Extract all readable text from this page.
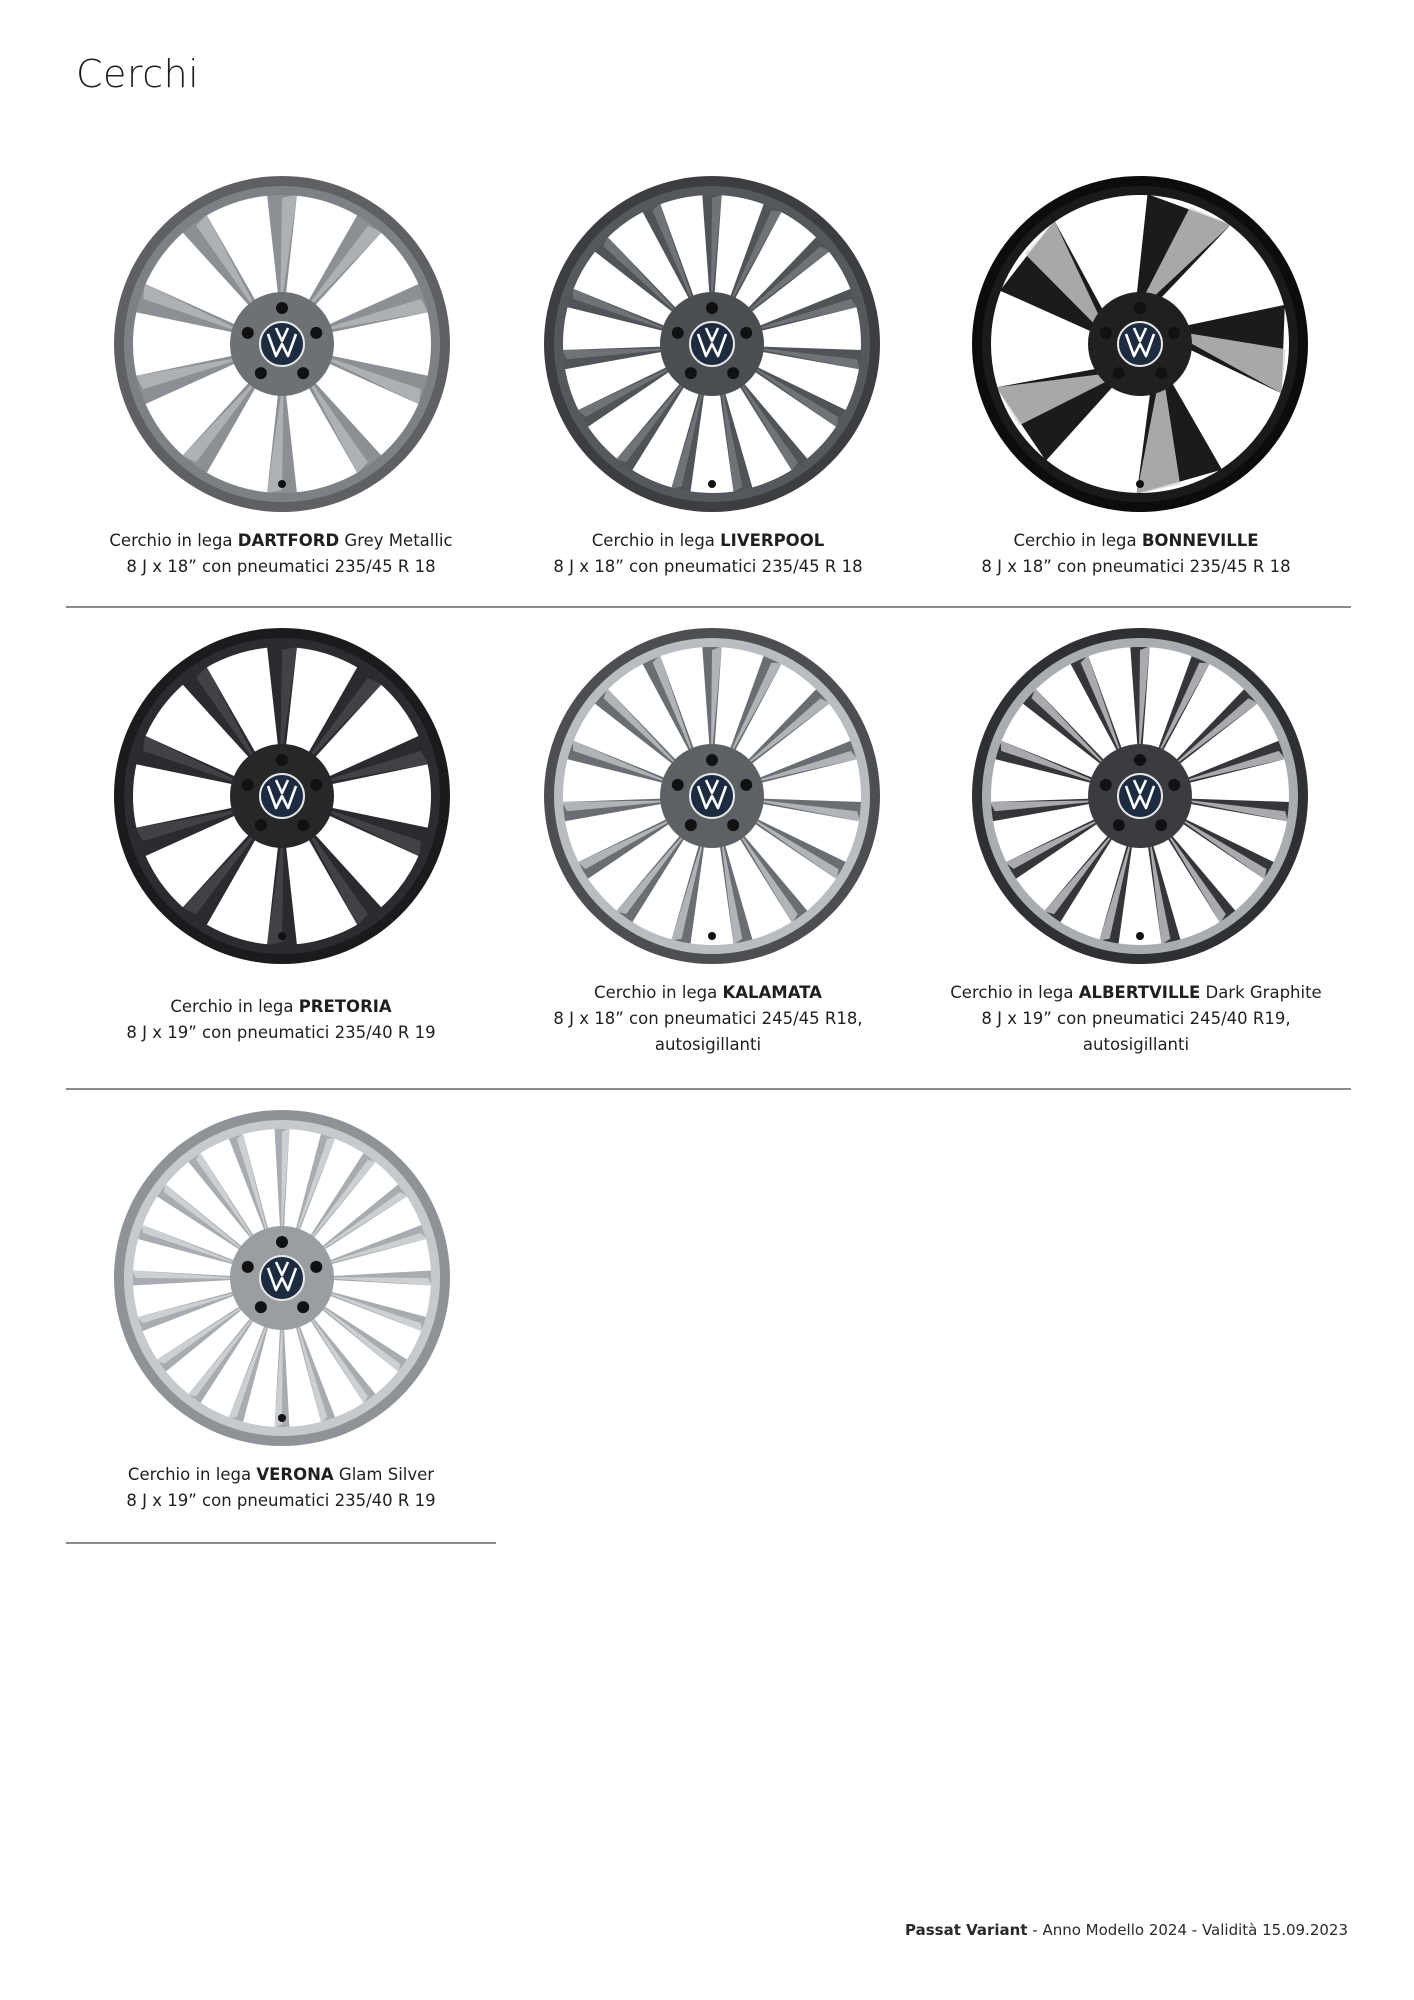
Cerchi
Cerchio in lega DARTFORD Grey Metallic
8 J x 18” con pneumatici 235/45 R 18
Cerchio in lega LIVERPOOL
8 J x 18” con pneumatici 235/45 R 18
Cerchio in lega BONNEVILLE
8 J x 18” con pneumatici 235/45 R 18
Cerchio in lega PRETORIA
8 J x 19” con pneumatici 235/40 R 19
Cerchio in lega KALAMATA
8 J x 18” con pneumatici 245/45 R18,
autosigillanti
Cerchio in lega ALBERTVILLE Dark Graphite
8 J x 19” con pneumatici 245/40 R19,
autosigillanti
Cerchio in lega VERONA Glam Silver
8 J x 19” con pneumatici 235/40 R 19
Passat Variant - Anno Modello 2024 - Validità 15.09.2023
